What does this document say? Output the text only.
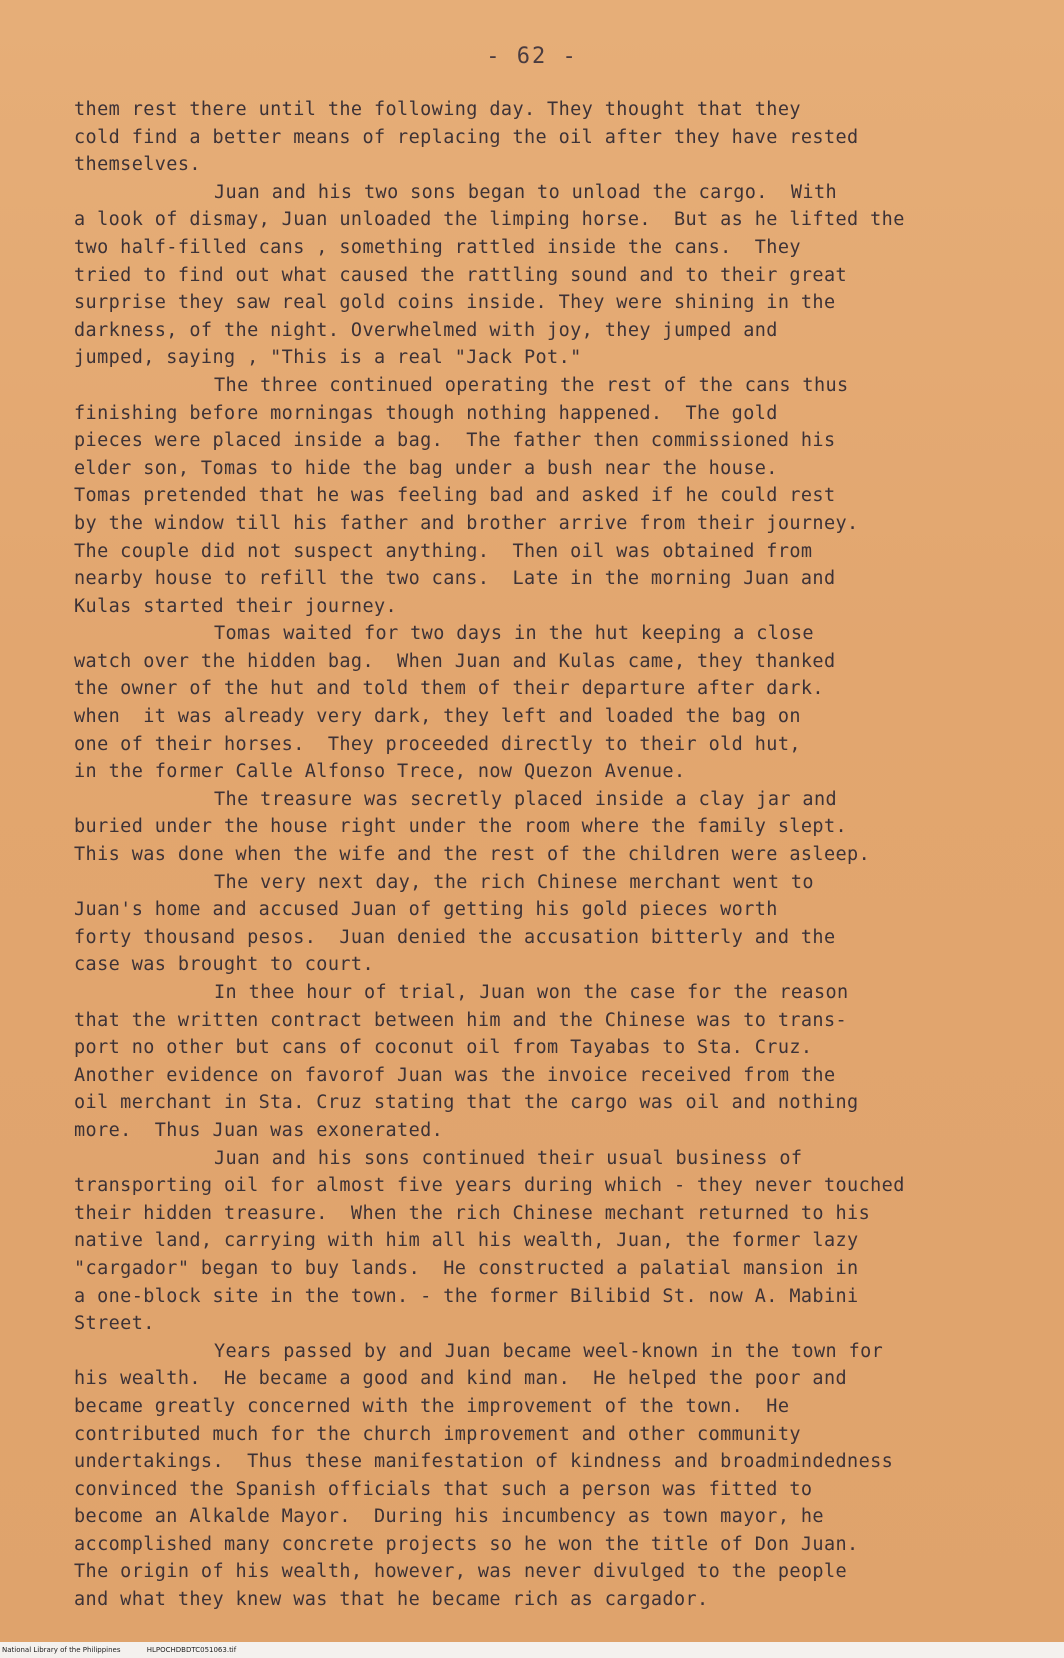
- 62 -
them rest there until the following day. They thought that they
cold find a better means of replacing the oil after they have rested
themselves.
Juan and his two sons began to unload the cargo.  With
a look of dismay, Juan unloaded the limping horse.  But as he lifted the
two half-filled cans , something rattled inside the cans.  They
tried to find out what caused the rattling sound and to their great
surprise they saw real gold coins inside. They were shining in the
darkness, of the night. Overwhelmed with joy, they jumped and
jumped, saying , "This is a real "Jack Pot."
The three continued operating the rest of the cans thus
finishing before morningas though nothing happened.  The gold
pieces were placed inside a bag.  The father then commissioned his
elder son, Tomas to hide the bag under a bush near the house.
Tomas pretended that he was feeling bad and asked if he could rest
by the window till his father and brother arrive from their journey.
The couple did not suspect anything.  Then oil was obtained from
nearby house to refill the two cans.  Late in the morning Juan and
Kulas started their journey.
Tomas waited for two days in the hut keeping a close
watch over the hidden bag.  When Juan and Kulas came, they thanked
the owner of the hut and told them of their departure after dark.
when  it was already very dark, they left and loaded the bag on
one of their horses.  They proceeded directly to their old hut,
in the former Calle Alfonso Trece, now Quezon Avenue.
The treasure was secretly placed inside a clay jar and
buried under the house right under the room where the family slept.
This was done when the wife and the rest of the children were asleep.
The very next day, the rich Chinese merchant went to
Juan's home and accused Juan of getting his gold pieces worth
forty thousand pesos.  Juan denied the accusation bitterly and the
case was brought to court.
In thee hour of trial, Juan won the case for the reason
that the written contract between him and the Chinese was to trans-
port no other but cans of coconut oil from Tayabas to Sta. Cruz.
Another evidence on favorof Juan was the invoice received from the
oil merchant in Sta. Cruz stating that the cargo was oil and nothing
more.  Thus Juan was exonerated.
Juan and his sons continued their usual business of
transporting oil for almost five years during which - they never touched
their hidden treasure.  When the rich Chinese mechant returned to his
native land, carrying with him all his wealth, Juan, the former lazy
"cargador" began to buy lands.  He constructed a palatial mansion in
a one-block site in the town. - the former Bilibid St. now A. Mabini
Street.
Years passed by and Juan became weel-known in the town for
his wealth.  He became a good and kind man.  He helped the poor and
became greatly concerned with the improvement of the town.  He
contributed much for the church improvement and other community
undertakings.  Thus these manifestation of kindness and broadmindedness
convinced the Spanish officials that such a person was fitted to
become an Alkalde Mayor.  During his incumbency as town mayor, he
accomplished many concrete projects so he won the title of Don Juan.
The origin of his wealth, however, was never divulged to the people
and what they knew was that he became rich as cargador.
National Library of the Philippines	HLPOCHDBDTC051063.tif
